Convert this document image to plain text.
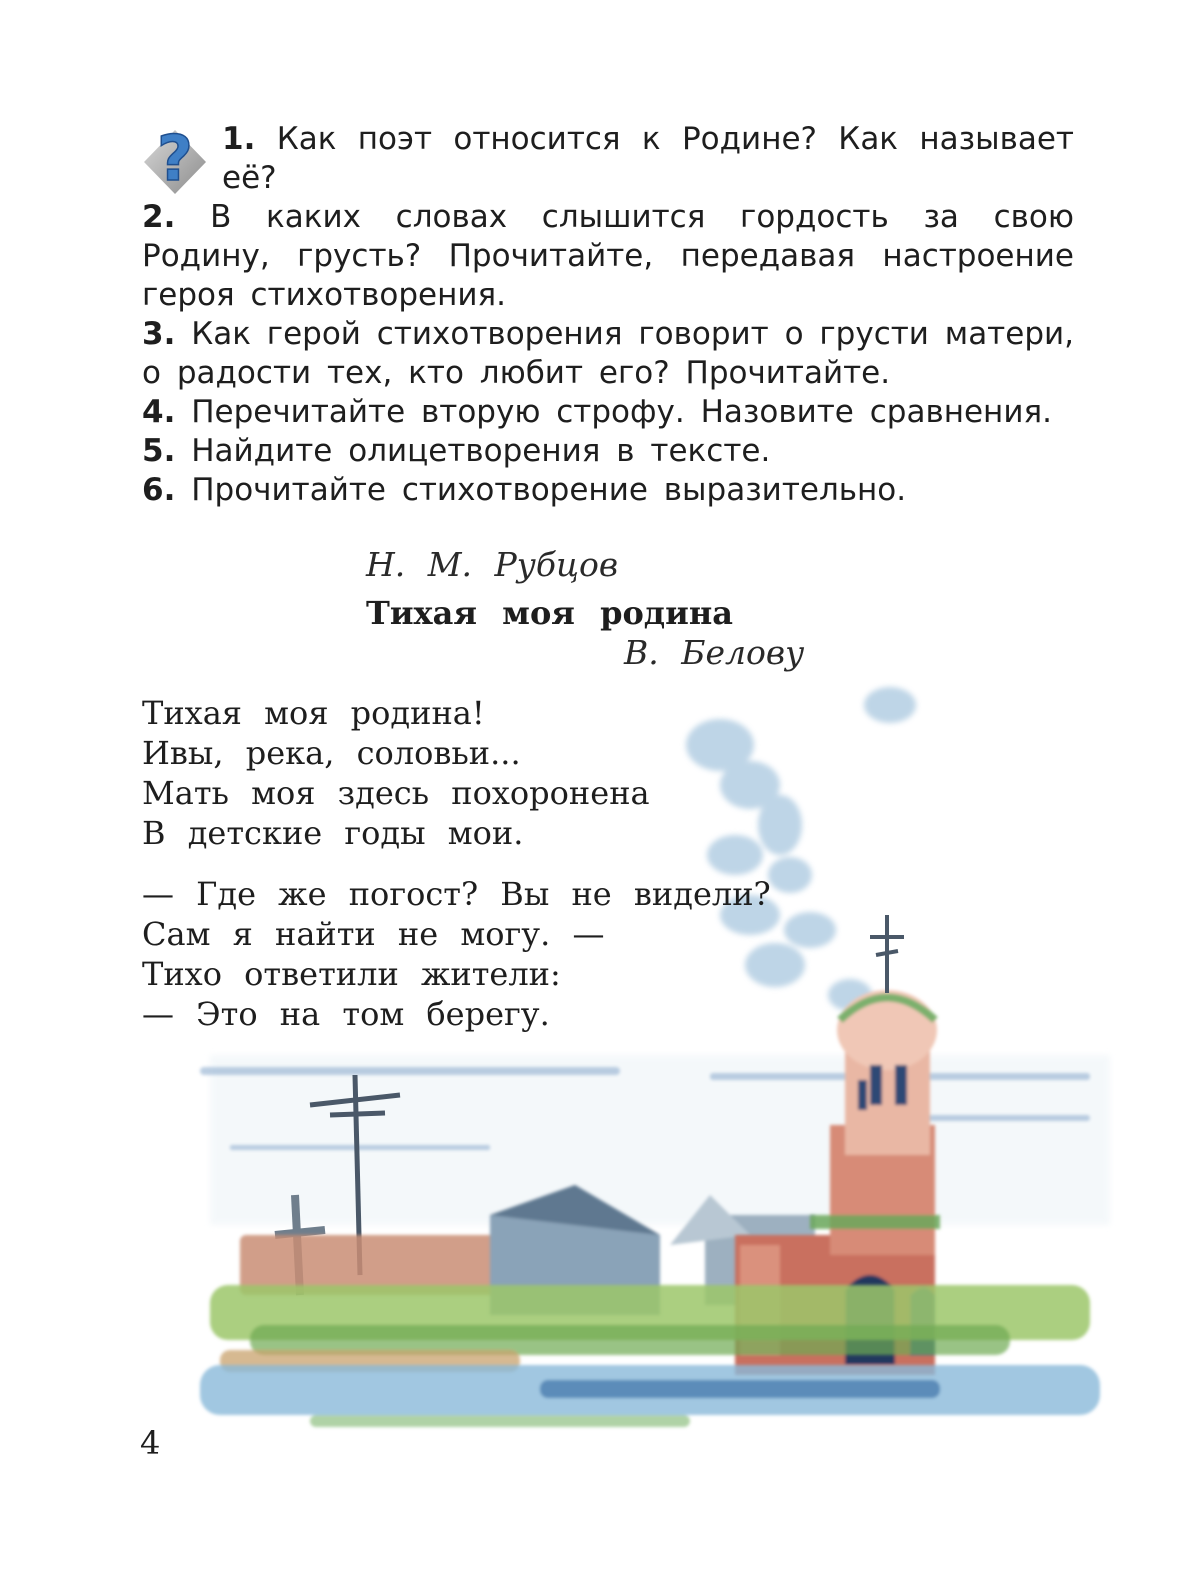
? 1. Как поэт относится к Родине? Как называет её?

2. В каких словах слышится гордость за свою Родину, грусть? Прочитайте, передавая настроение героя стихотворения.

3. Как герой стихотворения говорит о грусти матери, о радости тех, кто любит его? Прочитайте.

4. Перечитайте вторую строфу. Назовите сравнения.

5. Найдите олицетворения в тексте.

6. Прочитайте стихотворение выразительно.

Н. М. Рубцов
Тихая моя родина
В. Белову
Тихая моя родина!
Ивы, река, соловьи...
Мать моя здесь похоронена
В детские годы мои.
— Где же погост? Вы не видели?
Сам я найти не могу. —
Тихо ответили жители:
— Это на том берегу.
4
